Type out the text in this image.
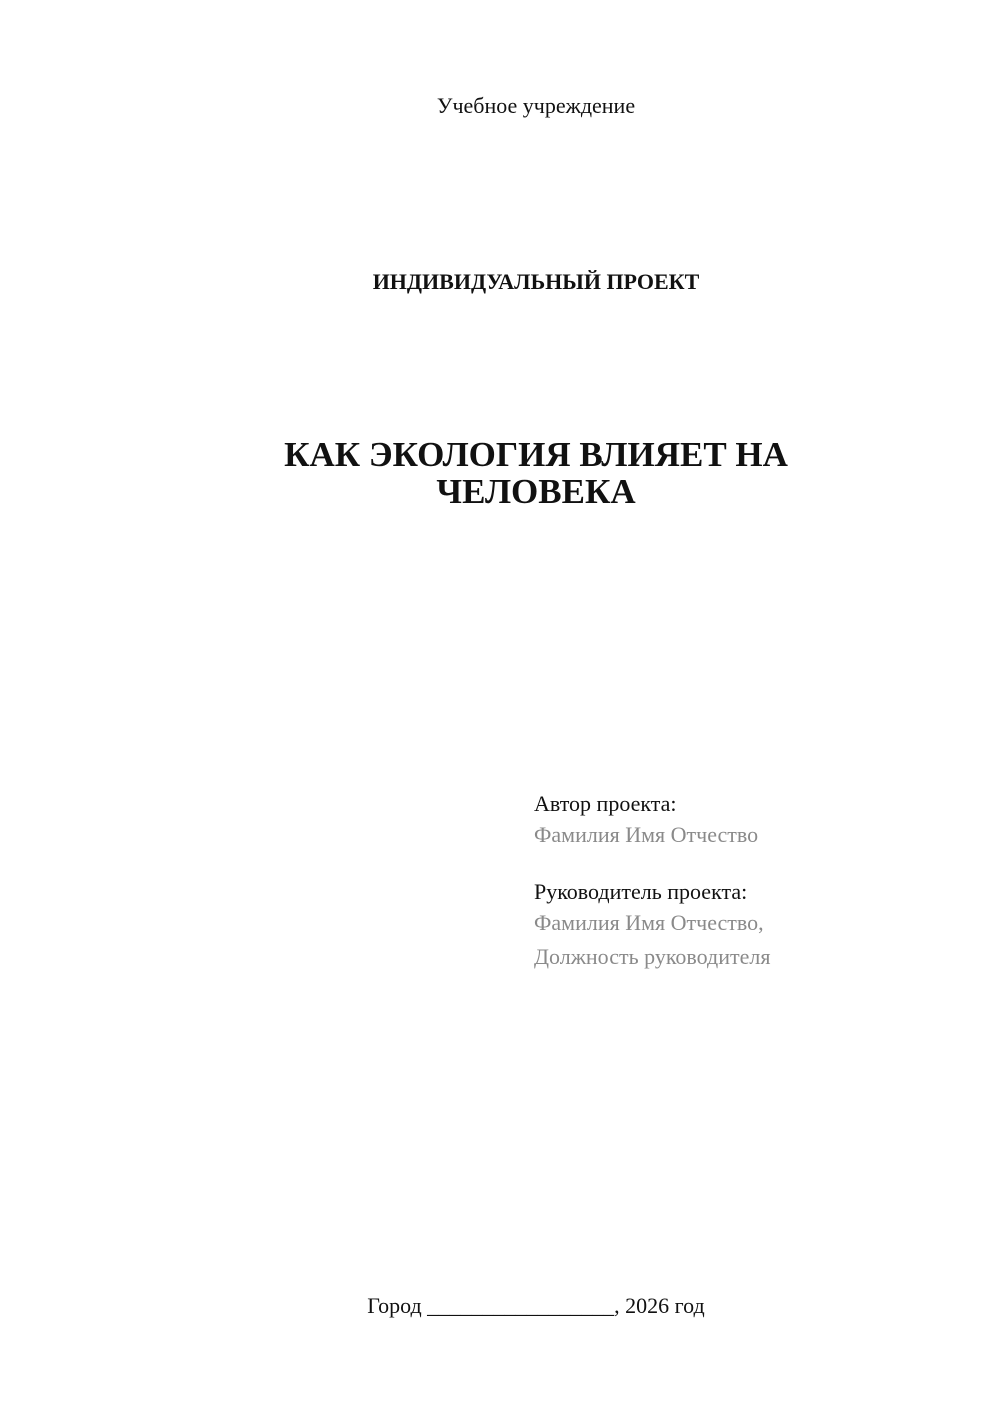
Учебное учреждение
ИНДИВИДУАЛЬНЫЙ ПРОЕКТ
КАК ЭКОЛОГИЯ ВЛИЯЕТ НА
ЧЕЛОВЕКА
Автор проекта:
Фамилия Имя Отчество
Руководитель проекта:
Фамилия Имя Отчество,
Должность руководителя
Город _________________, 2026 год
